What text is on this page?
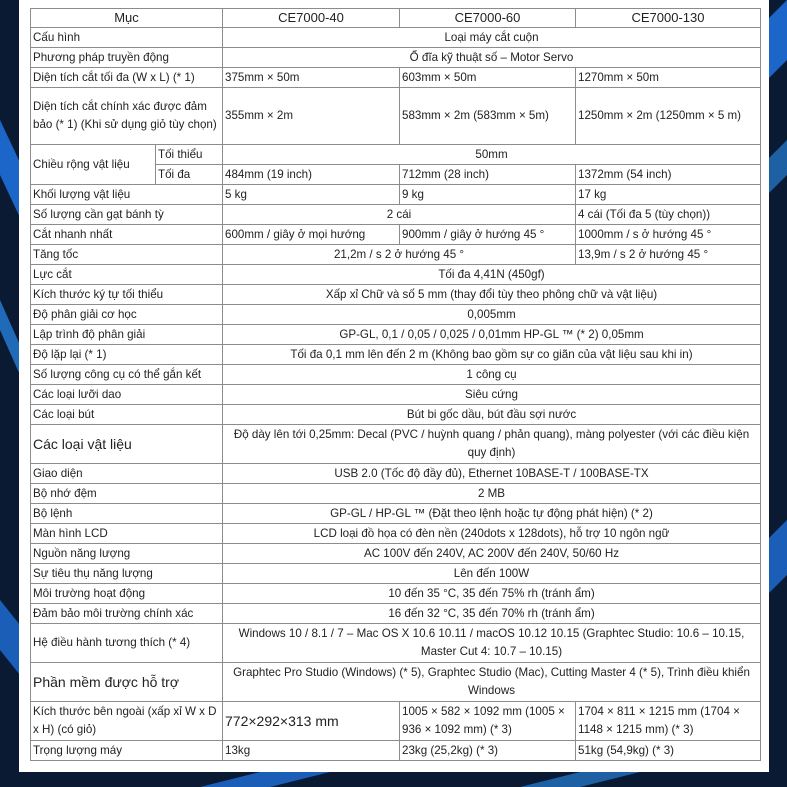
Mục		CE7000-40	CE7000-60	CE7000-130
Cấu hình		Loại máy cắt cuộn		
Phương pháp truyền động		Ổ đĩa kỹ thuật số – Motor Servo		
Diện tích cắt tối đa (W x L) (* 1)		375mm × 50m	603mm × 50m	1270mm × 50m
Diện tích cắt chính xác được đảm bảo (* 1) (Khi sử dụng giỏ tùy chọn)		355mm × 2m	583mm × 2m (583mm × 5m)	1250mm × 2m (1250mm × 5 m)
Chiều rộng vật liệu	Tối thiểu	50mm		
	Tối đa	484mm (19 inch)	712mm (28 inch)	1372mm (54 inch)
Khối lượng vật liệu		5 kg	9 kg	17 kg
Số lượng cần gạt bánh tỳ		2 cái		4 cái (Tối đa 5 (tùy chọn))
Cắt nhanh nhất		600mm / giây ở mọi hướng	900mm / giây ở hướng 45 °	1000mm / s ở hướng 45 °
Tăng tốc		21,2m / s 2 ở hướng 45 °		13,9m / s 2 ở hướng 45 °
Lực cắt		Tối đa 4,41N (450gf)		
Kích thước ký tự tối thiểu		Xấp xỉ Chữ và số 5 mm (thay đổi tùy theo phông chữ và vật liệu)		
Độ phân giải cơ học		0,005mm		
Lập trình độ phân giải		GP-GL, 0,1 / 0,05 / 0,025 / 0,01mm HP-GL ™ (* 2) 0,05mm		
Độ lặp lại (* 1)		Tối đa 0,1 mm lên đến 2 m (Không bao gồm sự co giãn của vật liệu sau khi in)		
Số lượng công cụ có thể gắn kết		1 công cụ		
Các loại lưỡi dao		Siêu cứng		
Các loại bút		Bút bi gốc dầu, bút đầu sợi nước		
Các loại vật liệu		Độ dày lên tới 0,25mm: Decal (PVC / huỳnh quang / phản quang), màng polyester (với các điều kiện quy định)		
Giao diện		USB 2.0 (Tốc độ đầy đủ), Ethernet 10BASE-T / 100BASE-TX		
Bộ nhớ đệm		2 MB		
Bộ lệnh		GP-GL / HP-GL ™ (Đặt theo lệnh hoặc tự động phát hiện) (* 2)		
Màn hình LCD		LCD loại đồ họa có đèn nền (240dots x 128dots), hỗ trợ 10 ngôn ngữ		
Nguồn năng lượng		AC 100V đến 240V, AC 200V đến 240V, 50/60 Hz		
Sự tiêu thụ năng lượng		Lên đến 100W		
Môi trường hoạt động		10 đến 35 °C, 35 đến 75% rh (tránh ẩm)		
Đảm bảo môi trường chính xác		16 đến 32 °C, 35 đến 70% rh (tránh ẩm)		
Hệ điều hành tương thích (* 4)		Windows 10 / 8.1 / 7 – Mac OS X 10.6 10.11 / macOS 10.12 10.15 (Graphtec Studio: 10.6 – 10.15, Master Cut 4: 10.7 – 10.15)		
Phần mềm được hỗ trợ		Graphtec Pro Studio (Windows) (* 5), Graphtec Studio (Mac), Cutting Master 4 (* 5), Trình điều khiển Windows		
Kích thước bên ngoài (xấp xỉ W x D x H) (có giỏ)		772×292×313 mm	1005 × 582 × 1092 mm (1005 × 936 × 1092 mm) (* 3)	1704 × 811 × 1215 mm (1704 × 1148 × 1215 mm) (* 3)
Trọng lượng máy		13kg	23kg (25,2kg) (* 3)	51kg (54,9kg) (* 3)
